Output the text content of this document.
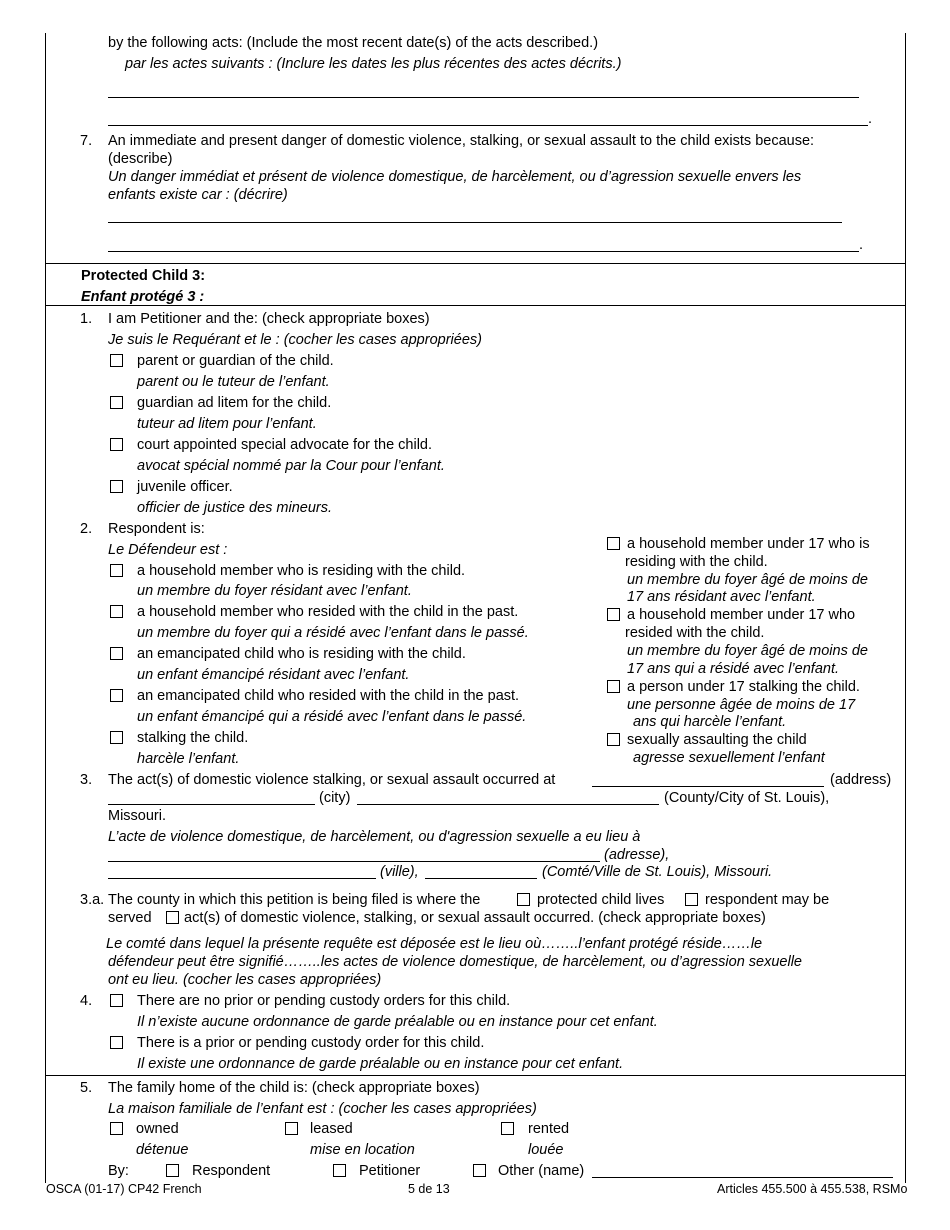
by the following acts: (Include the most recent date(s) of the acts described.)
par les actes suivants : (Inclure les dates les plus récentes des actes décrits.)
.
7. An immediate and present danger of domestic violence, stalking, or sexual assault to the child exists because:
(describe)
Un danger immédiat et présent de violence domestique, de harcèlement, ou d’agression sexuelle envers les
enfants existe car : (décrire)
.
Protected Child 3:
Enfant protégé 3 :
1. I am Petitioner and the: (check appropriate boxes)
Je suis le Requérant et le : (cocher les cases appropriées)
parent or guardian of the child.
parent ou le tuteur de l’enfant.
guardian ad litem for the child.
tuteur ad litem pour l’enfant.
court appointed special advocate for the child.
avocat spécial nommé par la Cour pour l’enfant.
juvenile officer.
officier de justice des mineurs.
2. Respondent is:
Le Défendeur est :
a household member who is residing with the child.
un membre du foyer résidant avec l’enfant.
a household member who resided with the child in the past.
un membre du foyer qui a résidé avec l’enfant dans le passé.
an emancipated child who is residing with the child.
un enfant émancipé résidant avec l’enfant.
an emancipated child who resided with the child in the past.
un enfant émancipé qui a résidé avec l’enfant dans le passé.
stalking the child.
harcèle l’enfant.
a household member under 17 who is
residing with the child.
un membre du foyer âgé de moins de
17 ans résidant avec l’enfant.
a household member under 17 who
resided with the child.
un membre du foyer âgé de moins de
17 ans qui a résidé avec l’enfant.
a person under 17 stalking the child.
une personne âgée de moins de 17
ans qui harcèle l’enfant.
sexually assaulting the child
agresse sexuellement l’enfant
3. The act(s) of domestic violence stalking, or sexual assault occurred at	(address)
(city)	(County/City of St. Louis),
Missouri.
L’acte de violence domestique, de harcèlement, ou d'agression sexuelle a eu lieu à
(adresse),
(ville),	(Comté/Ville de St. Louis), Missouri.
3.a. The county in which this petition is being filed is where the	protected child lives	respondent may be
served act(s) of domestic violence, stalking, or sexual assault occurred. (check appropriate boxes)
Le comté dans lequel la présente requête est déposée est le lieu où……..l’enfant protégé réside……le
défendeur peut être signifié……..les actes de violence domestique, de harcèlement, ou d’agression sexuelle
ont eu lieu. (cocher les cases appropriées)
4.	There are no prior or pending custody orders for this child.
Il n’existe aucune ordonnance de garde préalable ou en instance pour cet enfant.
There is a prior or pending custody order for this child.
Il existe une ordonnance de garde préalable ou en instance pour cet enfant.
5. The family home of the child is: (check appropriate boxes)
La maison familiale de l’enfant est : (cocher les cases appropriées)
owned
détenue
leased
mise en location
rented
louée
By:	Respondent	Petitioner	Other (name)
OSCA (01-17) CP42 French	5 de 13	Articles 455.500 à 455.538, RSMo
